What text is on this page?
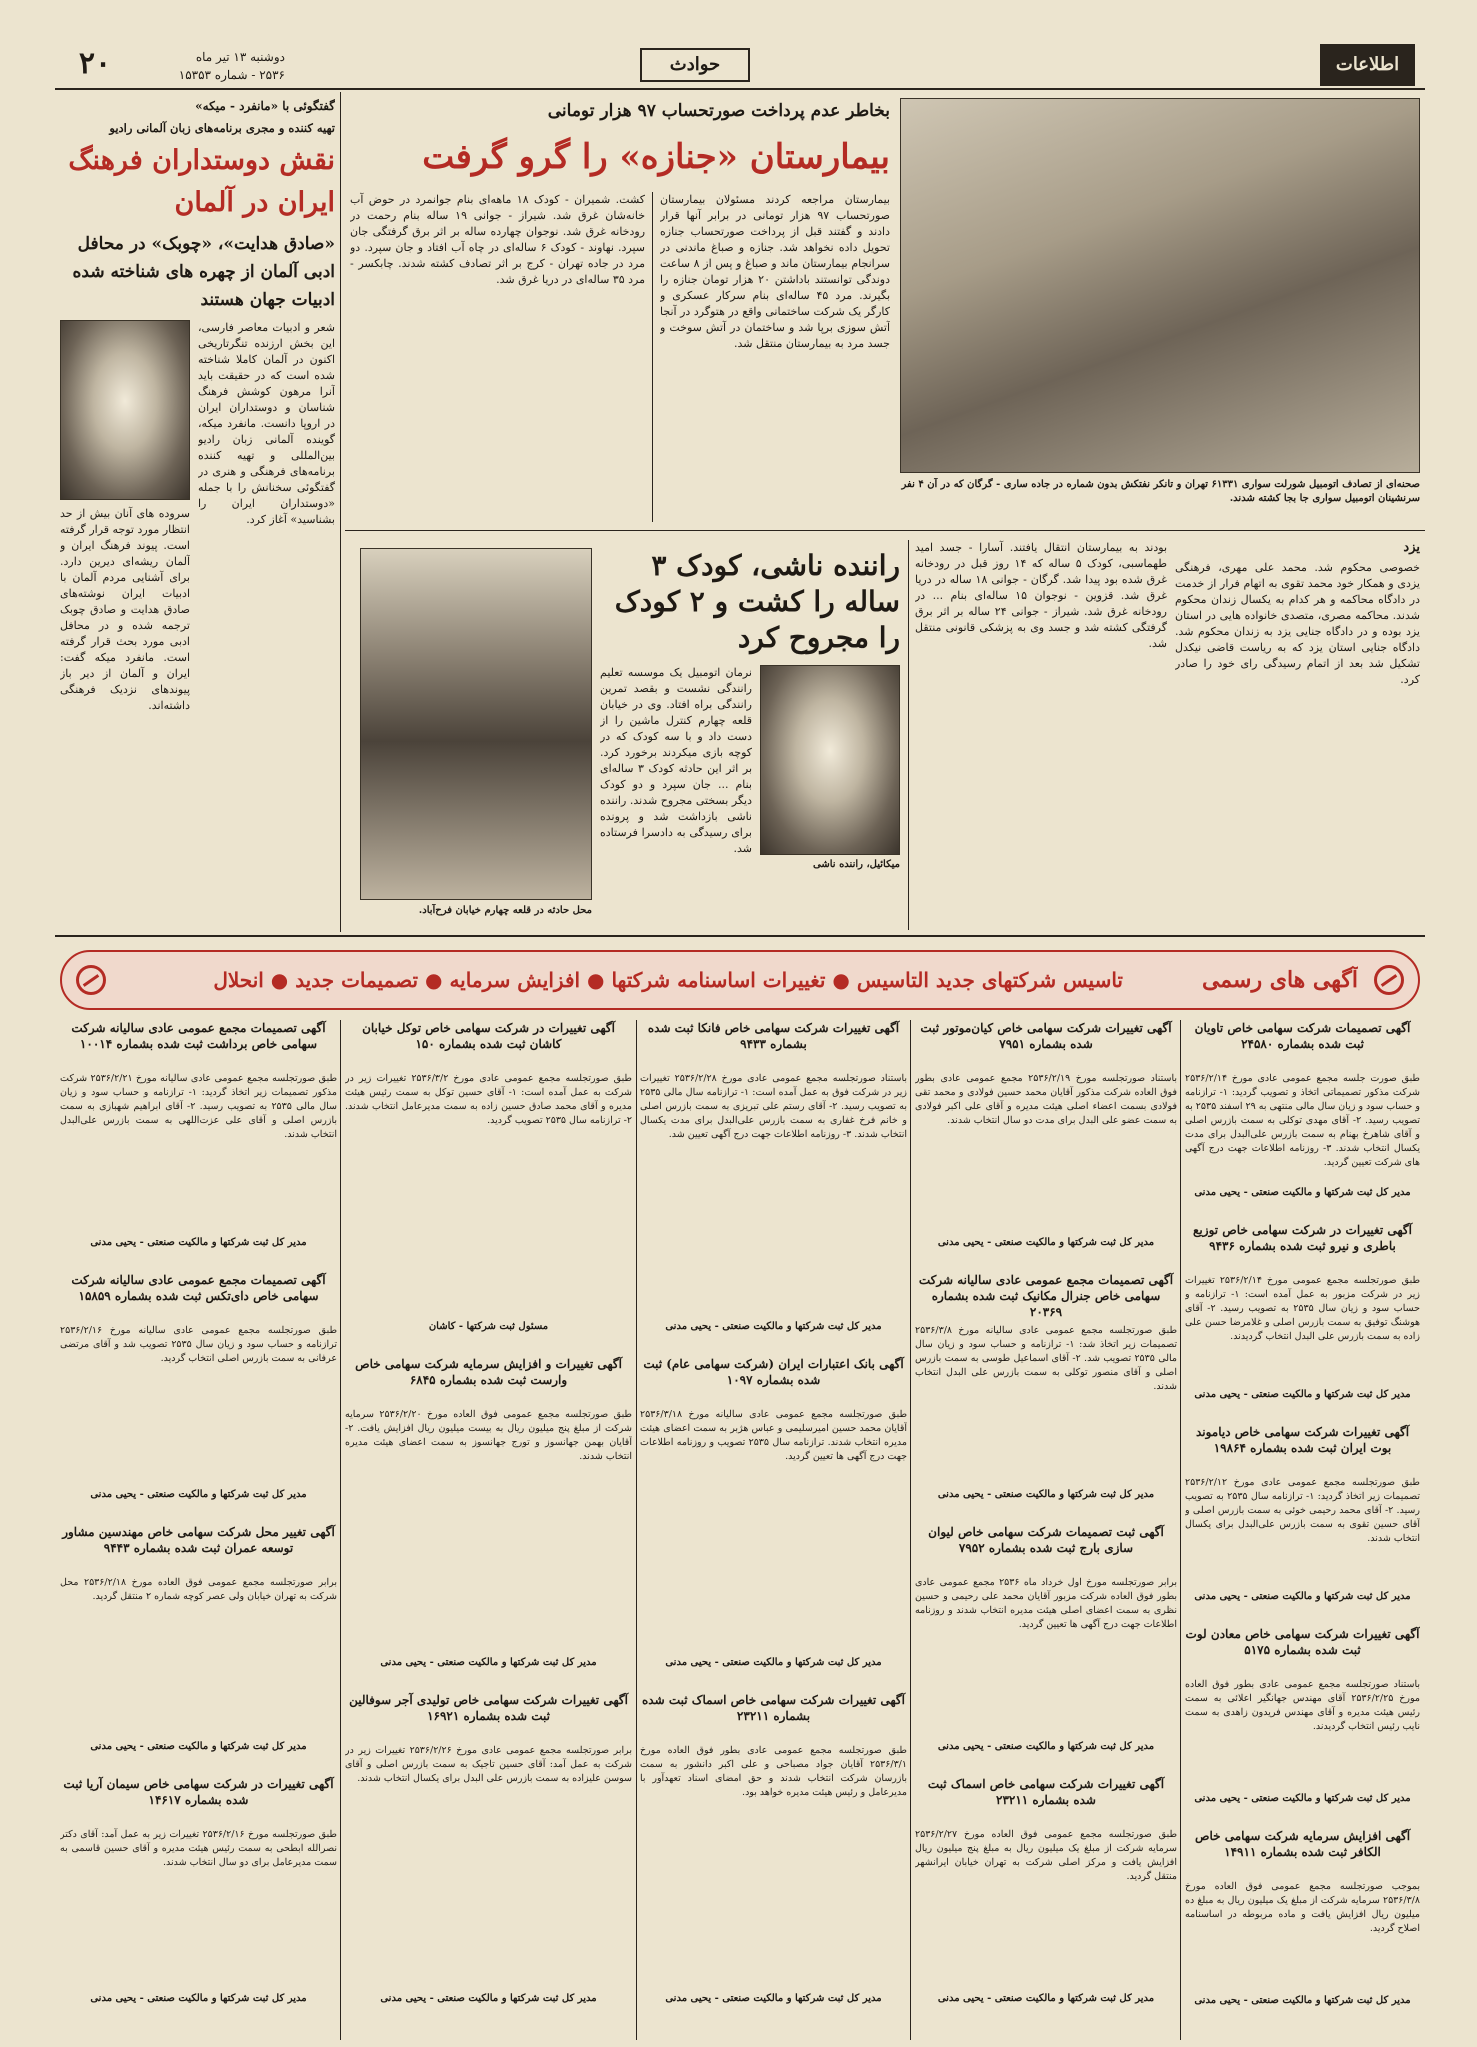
اطلاعات
حوادث
دوشنبه ۱۳ تیر ماه
۲۵۳۶ - شماره ۱۵۳۵۳
۲۰
صحنه‌ای از تصادف اتومبیل شورلت سواری ۶۱۳۳۱ تهران و تانکر نفتکش بدون شماره در جاده ساری - گرگان که در آن ۴ نفر سرنشینان اتومبیل سواری جا بجا کشته شدند.
بخاطر عدم پرداخت صورتحساب ۹۷ هزار تومانی
بیمارستان «جنازه» را گرو گرفت
بیمارستان مراجعه کردند مسئولان بیمارستان صورتحساب ۹۷ هزار تومانی در برابر آنها قرار دادند و گفتند قبل از پرداخت صورتحساب جنازه تحویل داده نخواهد شد. جنازه و صباغ ماندنی در سرانجام بیمارستان ماند و صباغ و پس از ۸ ساعت دوندگی توانستند باداشتن ۲۰ هزار تومان جنازه را بگیرند. مرد ۴۵ ساله‌ای بنام سرکار عسکری و کارگر یک شرکت ساختمانی واقع در هتوگرد در آنجا آتش سوزی برپا شد و ساختمان در آتش سوخت و جسد مرد به بیمارستان منتقل شد.
کشت. شمیران - کودک ۱۸ ماهه‌ای بنام جوانمرد در حوض آب خانه‌شان غرق شد. شیراز - جوانی ۱۹ ساله بنام رحمت در رودخانه غرق شد. نوجوان چهارده ساله بر اثر برق گرفتگی جان سپرد. نهاوند - کودک ۶ ساله‌ای در چاه آب افتاد و جان سپرد. دو مرد در جاده تهران - کرج بر اثر تصادف کشته شدند. چابکسر - مرد ۳۵ ساله‌ای در دریا غرق شد.
گفتگوئی با «مانفرد - میکه»
تهیه کننده و مجری برنامه‌های زبان آلمانی رادیو
نقش دوستداران فرهنگ ایران در آلمان
«صادق هدایت»، «چوبک» در محافل ادبی آلمان از چهره های شناخته شده ادبیات جهان هستند
شعر و ادبیات معاصر فارسی، این بخش ارزنده تنگرتاریخی اکنون در آلمان کاملا شناخته شده است که در حقیقت باید آنرا مرهون کوشش فرهنگ شناسان و دوستداران ایران در اروپا دانست. مانفرد میکه، گوینده آلمانی زبان رادیو بین‌المللی و تهیه کننده برنامه‌های فرهنگی و هنری در گفتگوئی سخنانش را با جمله «دوستداران ایران را بشناسید» آغاز کرد.
سروده های آنان بیش از حد انتظار مورد توجه قرار گرفته است. پیوند فرهنگ ایران و آلمان ریشه‌ای دیرین دارد. برای آشنایی مردم آلمان با ادبیات ایران نوشته‌های صادق هدایت و صادق چوبک ترجمه شده و در محافل ادبی مورد بحث قرار گرفته است. مانفرد میکه گفت: ایران و آلمان از دیر باز پیوندهای نزدیک فرهنگی داشته‌اند.
محل حادثه در قلعه چهارم خیابان فرح‌آباد.
راننده ناشی، کودک ۳ ساله را کشت و ۲ کودک را مجروح کرد
میکائیل، راننده ناشی
نرمان اتومبیل یک موسسه تعلیم رانندگی نشست و بقصد تمرین رانندگی براه افتاد. وی در خیابان قلعه چهارم کنترل ماشین را از دست داد و با سه کودک که در کوچه بازی میکردند برخورد کرد. بر اثر این حادثه کودک ۳ ساله‌ای بنام ... جان سپرد و دو کودک دیگر بسختی مجروح شدند. راننده ناشی بازداشت شد و پرونده برای رسیدگی به دادسرا فرستاده شد.
یزد
خصوصی محکوم شد. محمد علی مهری، فرهنگی یزدی و همکار خود محمد تقوی به اتهام فرار از خدمت در دادگاه محاکمه و هر کدام به یکسال زندان محکوم شدند. محاکمه مصری، متصدی خانواده هایی در استان یزد بوده و در دادگاه جنایی یزد به زندان محکوم شد. دادگاه جنایی استان یزد که به ریاست قاضی نیکدل تشکیل شد بعد از اتمام رسیدگی رای خود را صادر کرد.
بودند به بیمارستان انتقال یافتند. آسارا - جسد امید طهماسبی، کودک ۵ ساله که ۱۴ روز قبل در رودخانه غرق شده بود پیدا شد. گرگان - جوانی ۱۸ ساله در دریا غرق شد. قزوین - نوجوان ۱۵ ساله‌ای بنام ... در رودخانه غرق شد. شیراز - جوانی ۲۴ ساله بر اثر برق گرفتگی کشته شد و جسد وی به پزشکی قانونی منتقل شد.
آگهی های رسمی
تاسیس شرکتهای جدید التاسیس ● تغییرات اساسنامه شرکتها ● افزایش سرمایه ● تصمیمات جدید ● انحلال
آگهی تصمیمات شرکت سهامی خاص تاویان ثبت شده بشماره ۲۴۵۸۰
طبق صورت جلسه مجمع عمومی عادی مورخ ۲۵۳۶/۲/۱۴ شرکت مذکور تصمیماتی اتخاذ و تصویب گردید: ۱- ترازنامه و حساب سود و زیان سال مالی منتهی به ۲۹ اسفند ۲۵۳۵ به تصویب رسید. ۲- آقای مهدی توکلی به سمت بازرس اصلی و آقای شاهرخ بهنام به سمت بازرس علی‌البدل برای مدت یکسال انتخاب شدند. ۳- روزنامه اطلاعات جهت درج آگهی های شرکت تعیین گردید.
مدیر کل ثبت شرکتها و مالکیت صنعتی - یحیی مدنی
آگهی تغییرات در شرکت سهامی خاص توزیع باطری و نیرو ثبت شده بشماره ۹۴۳۶
طبق صورتجلسه مجمع عمومی مورخ ۲۵۳۶/۲/۱۴ تغییرات زیر در شرکت مزبور به عمل آمده است: ۱- ترازنامه و حساب سود و زیان سال ۲۵۳۵ به تصویب رسید. ۲- آقای هوشنگ توفیق به سمت بازرس اصلی و غلامرضا حسن علی زاده به سمت بازرس علی البدل انتخاب گردیدند.
مدیر کل ثبت شرکتها و مالکیت صنعتی - یحیی مدنی
آگهی تغییرات شرکت سهامی خاص دیاموند بوت ایران ثبت شده بشماره ۱۹۸۶۴
طبق صورتجلسه مجمع عمومی عادی مورخ ۲۵۳۶/۲/۱۲ تصمیمات زیر اتخاذ گردید: ۱- ترازنامه سال ۲۵۳۵ به تصویب رسید. ۲- آقای محمد رحیمی خوئی به سمت بازرس اصلی و آقای حسین تقوی به سمت بازرس علی‌البدل برای یکسال انتخاب شدند.
مدیر کل ثبت شرکتها و مالکیت صنعتی - یحیی مدنی
آگهی تغییرات شرکت سهامی خاص معادن لوت ثبت شده بشماره ۵۱۷۵
باستناد صورتجلسه مجمع عمومی عادی بطور فوق العاده مورخ ۲۵۳۶/۲/۲۵ آقای مهندس جهانگیر اعلائی به سمت رئیس هیئت مدیره و آقای مهندس فریدون زاهدی به سمت نایب رئیس انتخاب گردیدند.
مدیر کل ثبت شرکتها و مالکیت صنعتی - یحیی مدنی
آگهی افزایش سرمایه شرکت سهامی خاص الکافر ثبت شده بشماره ۱۴۹۱۱
بموجب صورتجلسه مجمع عمومی فوق العاده مورخ ۲۵۳۶/۳/۸ سرمایه شرکت از مبلغ یک میلیون ریال به مبلغ ده میلیون ریال افزایش یافت و ماده مربوطه در اساسنامه اصلاح گردید.
مدیر کل ثبت شرکتها و مالکیت صنعتی - یحیی مدنی
آگهی تغییرات شرکت سهامی خاص کیان‌موتور ثبت شده بشماره ۷۹۵۱
باستناد صورتجلسه مورخ ۲۵۳۶/۲/۱۹ مجمع عمومی عادی بطور فوق العاده شرکت مذکور آقایان محمد حسین فولادی و محمد تقی فولادی بسمت اعضاء اصلی هیئت مدیره و آقای علی اکبر فولادی به سمت عضو علی البدل برای مدت دو سال انتخاب شدند.
مدیر کل ثبت شرکتها و مالکیت صنعتی - یحیی مدنی
آگهی تصمیمات مجمع عمومی عادی سالیانه شرکت سهامی خاص جنرال مکانیک ثبت شده بشماره ۲۰۳۶۹
طبق صورتجلسه مجمع عمومی عادی سالیانه مورخ ۲۵۳۶/۳/۸ تصمیمات زیر اتخاذ شد: ۱- ترازنامه و حساب سود و زیان سال مالی ۲۵۳۵ تصویب شد. ۲- آقای اسماعیل طوسی به سمت بازرس اصلی و آقای منصور توکلی به سمت بازرس علی البدل انتخاب شدند.
مدیر کل ثبت شرکتها و مالکیت صنعتی - یحیی مدنی
آگهی ثبت تصمیمات شرکت سهامی خاص لیوان سازی بارج ثبت شده بشماره ۷۹۵۲
برابر صورتجلسه مورخ اول خرداد ماه ۲۵۳۶ مجمع عمومی عادی بطور فوق العاده شرکت مزبور آقایان محمد علی رحیمی و حسین نظری به سمت اعضای اصلی هیئت مدیره انتخاب شدند و روزنامه اطلاعات جهت درج آگهی ها تعیین گردید.
مدیر کل ثبت شرکتها و مالکیت صنعتی - یحیی مدنی
آگهی تغییرات شرکت سهامی خاص اسماک ثبت شده بشماره ۲۳۲۱۱
طبق صورتجلسه مجمع عمومی فوق العاده مورخ ۲۵۳۶/۲/۲۷ سرمایه شرکت از مبلغ یک میلیون ریال به مبلغ پنج میلیون ریال افزایش یافت و مرکز اصلی شرکت به تهران خیابان ایرانشهر منتقل گردید.
مدیر کل ثبت شرکتها و مالکیت صنعتی - یحیی مدنی
آگهی تغییرات شرکت سهامی خاص فانکا ثبت شده بشماره ۹۴۳۳
باستناد صورتجلسه مجمع عمومی عادی مورخ ۲۵۳۶/۲/۲۸ تغییرات زیر در شرکت فوق به عمل آمده است: ۱- ترازنامه سال مالی ۲۵۳۵ به تصویب رسید. ۲- آقای رستم علی تبریزی به سمت بازرس اصلی و خانم فرخ غفاری به سمت بازرس علی‌البدل برای مدت یکسال انتخاب شدند. ۳- روزنامه اطلاعات جهت درج آگهی تعیین شد.
مدیر کل ثبت شرکتها و مالکیت صنعتی - یحیی مدنی
آگهی بانک اعتبارات ایران (شرکت سهامی عام) ثبت شده بشماره ۱۰۹۷
طبق صورتجلسه مجمع عمومی عادی سالیانه مورخ ۲۵۳۶/۳/۱۸ آقایان محمد حسین امیرسلیمی و عباس هژبر به سمت اعضای هیئت مدیره انتخاب شدند. ترازنامه سال ۲۵۳۵ تصویب و روزنامه اطلاعات جهت درج آگهی ها تعیین گردید.
مدیر کل ثبت شرکتها و مالکیت صنعتی - یحیی مدنی
آگهی تغییرات شرکت سهامی خاص اسماک ثبت شده بشماره ۲۳۲۱۱
طبق صورتجلسه مجمع عمومی عادی بطور فوق العاده مورخ ۲۵۳۶/۳/۱ آقایان جواد مصباحی و علی اکبر دانشور به سمت بازرسان شرکت انتخاب شدند و حق امضای اسناد تعهدآور با مدیرعامل و رئیس هیئت مدیره خواهد بود.
مدیر کل ثبت شرکتها و مالکیت صنعتی - یحیی مدنی
آگهی تغییرات در شرکت سهامی خاص توکل خیابان کاشان ثبت شده بشماره ۱۵۰
طبق صورتجلسه مجمع عمومی عادی مورخ ۲۵۳۶/۳/۲ تغییرات زیر در شرکت به عمل آمده است: ۱- آقای حسین توکل به سمت رئیس هیئت مدیره و آقای محمد صادق حسین زاده به سمت مدیرعامل انتخاب شدند. ۲- ترازنامه سال ۲۵۳۵ تصویب گردید.
مسئول ثبت شرکتها - کاشان
آگهی تغییرات و افزایش سرمایه شرکت سهامی خاص وارست ثبت شده بشماره ۶۸۴۵
طبق صورتجلسه مجمع عمومی فوق العاده مورخ ۲۵۳۶/۲/۲۰ سرمایه شرکت از مبلغ پنج میلیون ریال به بیست میلیون ریال افزایش یافت. ۲- آقایان بهمن جهانسوز و تورج جهانسوز به سمت اعضای هیئت مدیره انتخاب شدند.
مدیر کل ثبت شرکتها و مالکیت صنعتی - یحیی مدنی
آگهی تغییرات شرکت سهامی خاص تولیدی آجر سوفالین ثبت شده بشماره ۱۶۹۲۱
برابر صورتجلسه مجمع عمومی عادی مورخ ۲۵۳۶/۲/۲۶ تغییرات زیر در شرکت به عمل آمد: آقای حسین تاجیک به سمت بازرس اصلی و آقای سوسن علیزاده به سمت بازرس علی البدل برای یکسال انتخاب شدند.
مدیر کل ثبت شرکتها و مالکیت صنعتی - یحیی مدنی
آگهی تصمیمات مجمع عمومی عادی سالیانه شرکت سهامی خاص برداشت ثبت شده بشماره ۱۰۰۱۴
طبق صورتجلسه مجمع عمومی عادی سالیانه مورخ ۲۵۳۶/۲/۲۱ شرکت مذکور تصمیمات زیر اتخاذ گردید: ۱- ترازنامه و حساب سود و زیان سال مالی ۲۵۳۵ به تصویب رسید. ۲- آقای ابراهیم شهبازی به سمت بازرس اصلی و آقای علی عزت‌اللهی به سمت بازرس علی‌البدل انتخاب شدند.
مدیر کل ثبت شرکتها و مالکیت صنعتی - یحیی مدنی
آگهی تصمیمات مجمع عمومی عادی سالیانه شرکت سهامی خاص دای‌تکس ثبت شده بشماره ۱۵۸۵۹
طبق صورتجلسه مجمع عمومی عادی سالیانه مورخ ۲۵۳۶/۲/۱۶ ترازنامه و حساب سود و زیان سال ۲۵۳۵ تصویب شد و آقای مرتضی عرفانی به سمت بازرس اصلی انتخاب گردید.
مدیر کل ثبت شرکتها و مالکیت صنعتی - یحیی مدنی
آگهی تغییر محل شرکت سهامی خاص مهندسین مشاور توسعه عمران ثبت شده بشماره ۹۴۴۳
برابر صورتجلسه مجمع عمومی فوق العاده مورخ ۲۵۳۶/۲/۱۸ محل شرکت به تهران خیابان ولی عصر کوچه شماره ۲ منتقل گردید.
مدیر کل ثبت شرکتها و مالکیت صنعتی - یحیی مدنی
آگهی تغییرات در شرکت سهامی خاص سیمان آریا ثبت شده بشماره ۱۴۶۱۷
طبق صورتجلسه مورخ ۲۵۳۶/۲/۱۶ تغییرات زیر به عمل آمد: آقای دکتر نصرالله ابطحی به سمت رئیس هیئت مدیره و آقای حسین قاسمی به سمت مدیرعامل برای دو سال انتخاب شدند.
مدیر کل ثبت شرکتها و مالکیت صنعتی - یحیی مدنی
